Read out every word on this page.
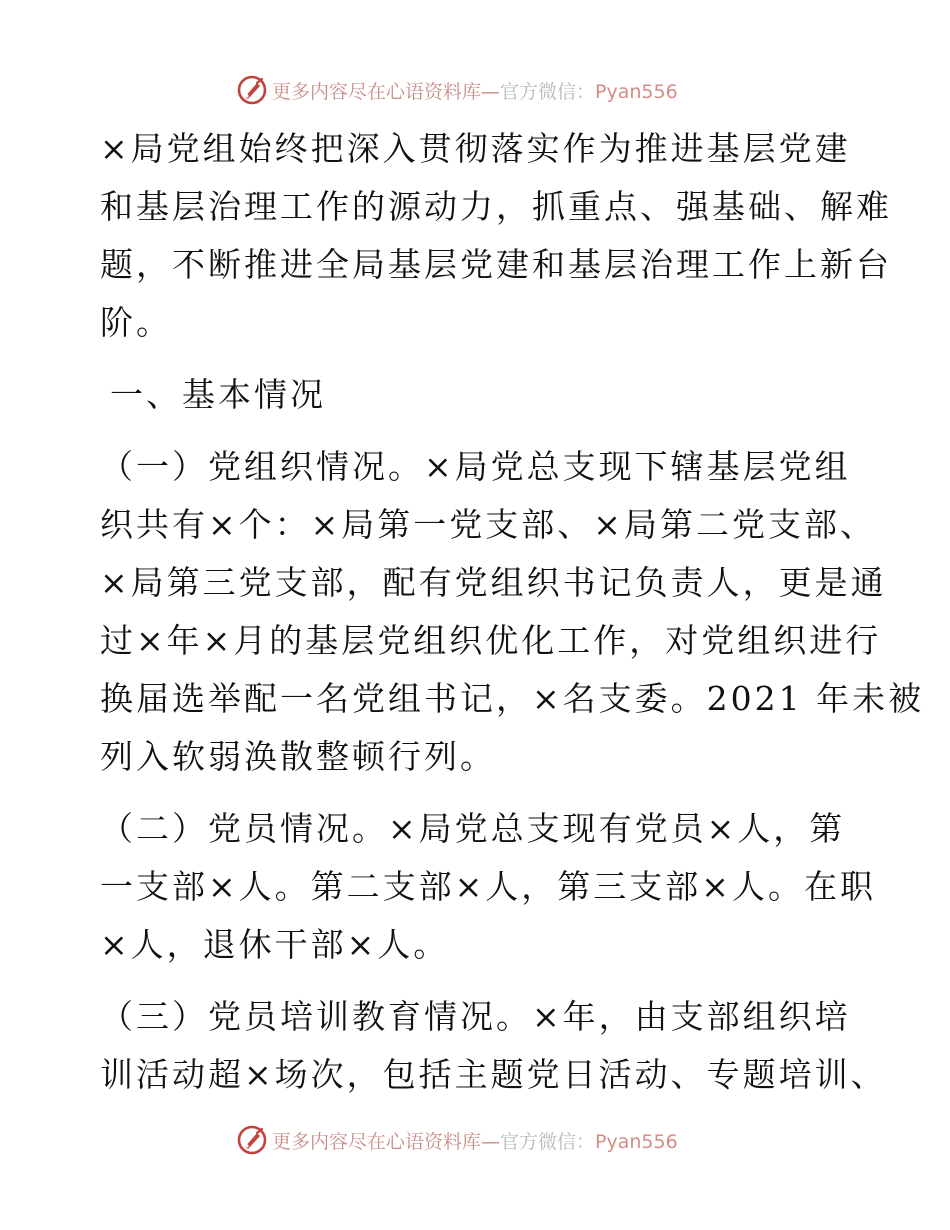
更多内容尽在心语资料库—官方微信：Pyan556
×局党组始终把深入贯彻落实作为推进基层党建
和基层治理工作的源动力，抓重点、强基础、解难
题，不断推进全局基层党建和基层治理工作上新台
阶。
一、基本情况
（一）党组织情况。×局党总支现下辖基层党组
织共有×个：×局第一党支部、×局第二党支部、
×局第三党支部，配有党组织书记负责人，更是通
过×年×月的基层党组织优化工作，对党组织进行
换届选举配一名党组书记，×名支委。2021 年未被
列入软弱涣散整顿行列。
（二）党员情况。×局党总支现有党员×人，第
一支部×人。第二支部×人，第三支部×人。在职
×人，退休干部×人。
（三）党员培训教育情况。×年，由支部组织培
训活动超×场次，包括主题党日活动、专题培训、
更多内容尽在心语资料库—官方微信：Pyan556
